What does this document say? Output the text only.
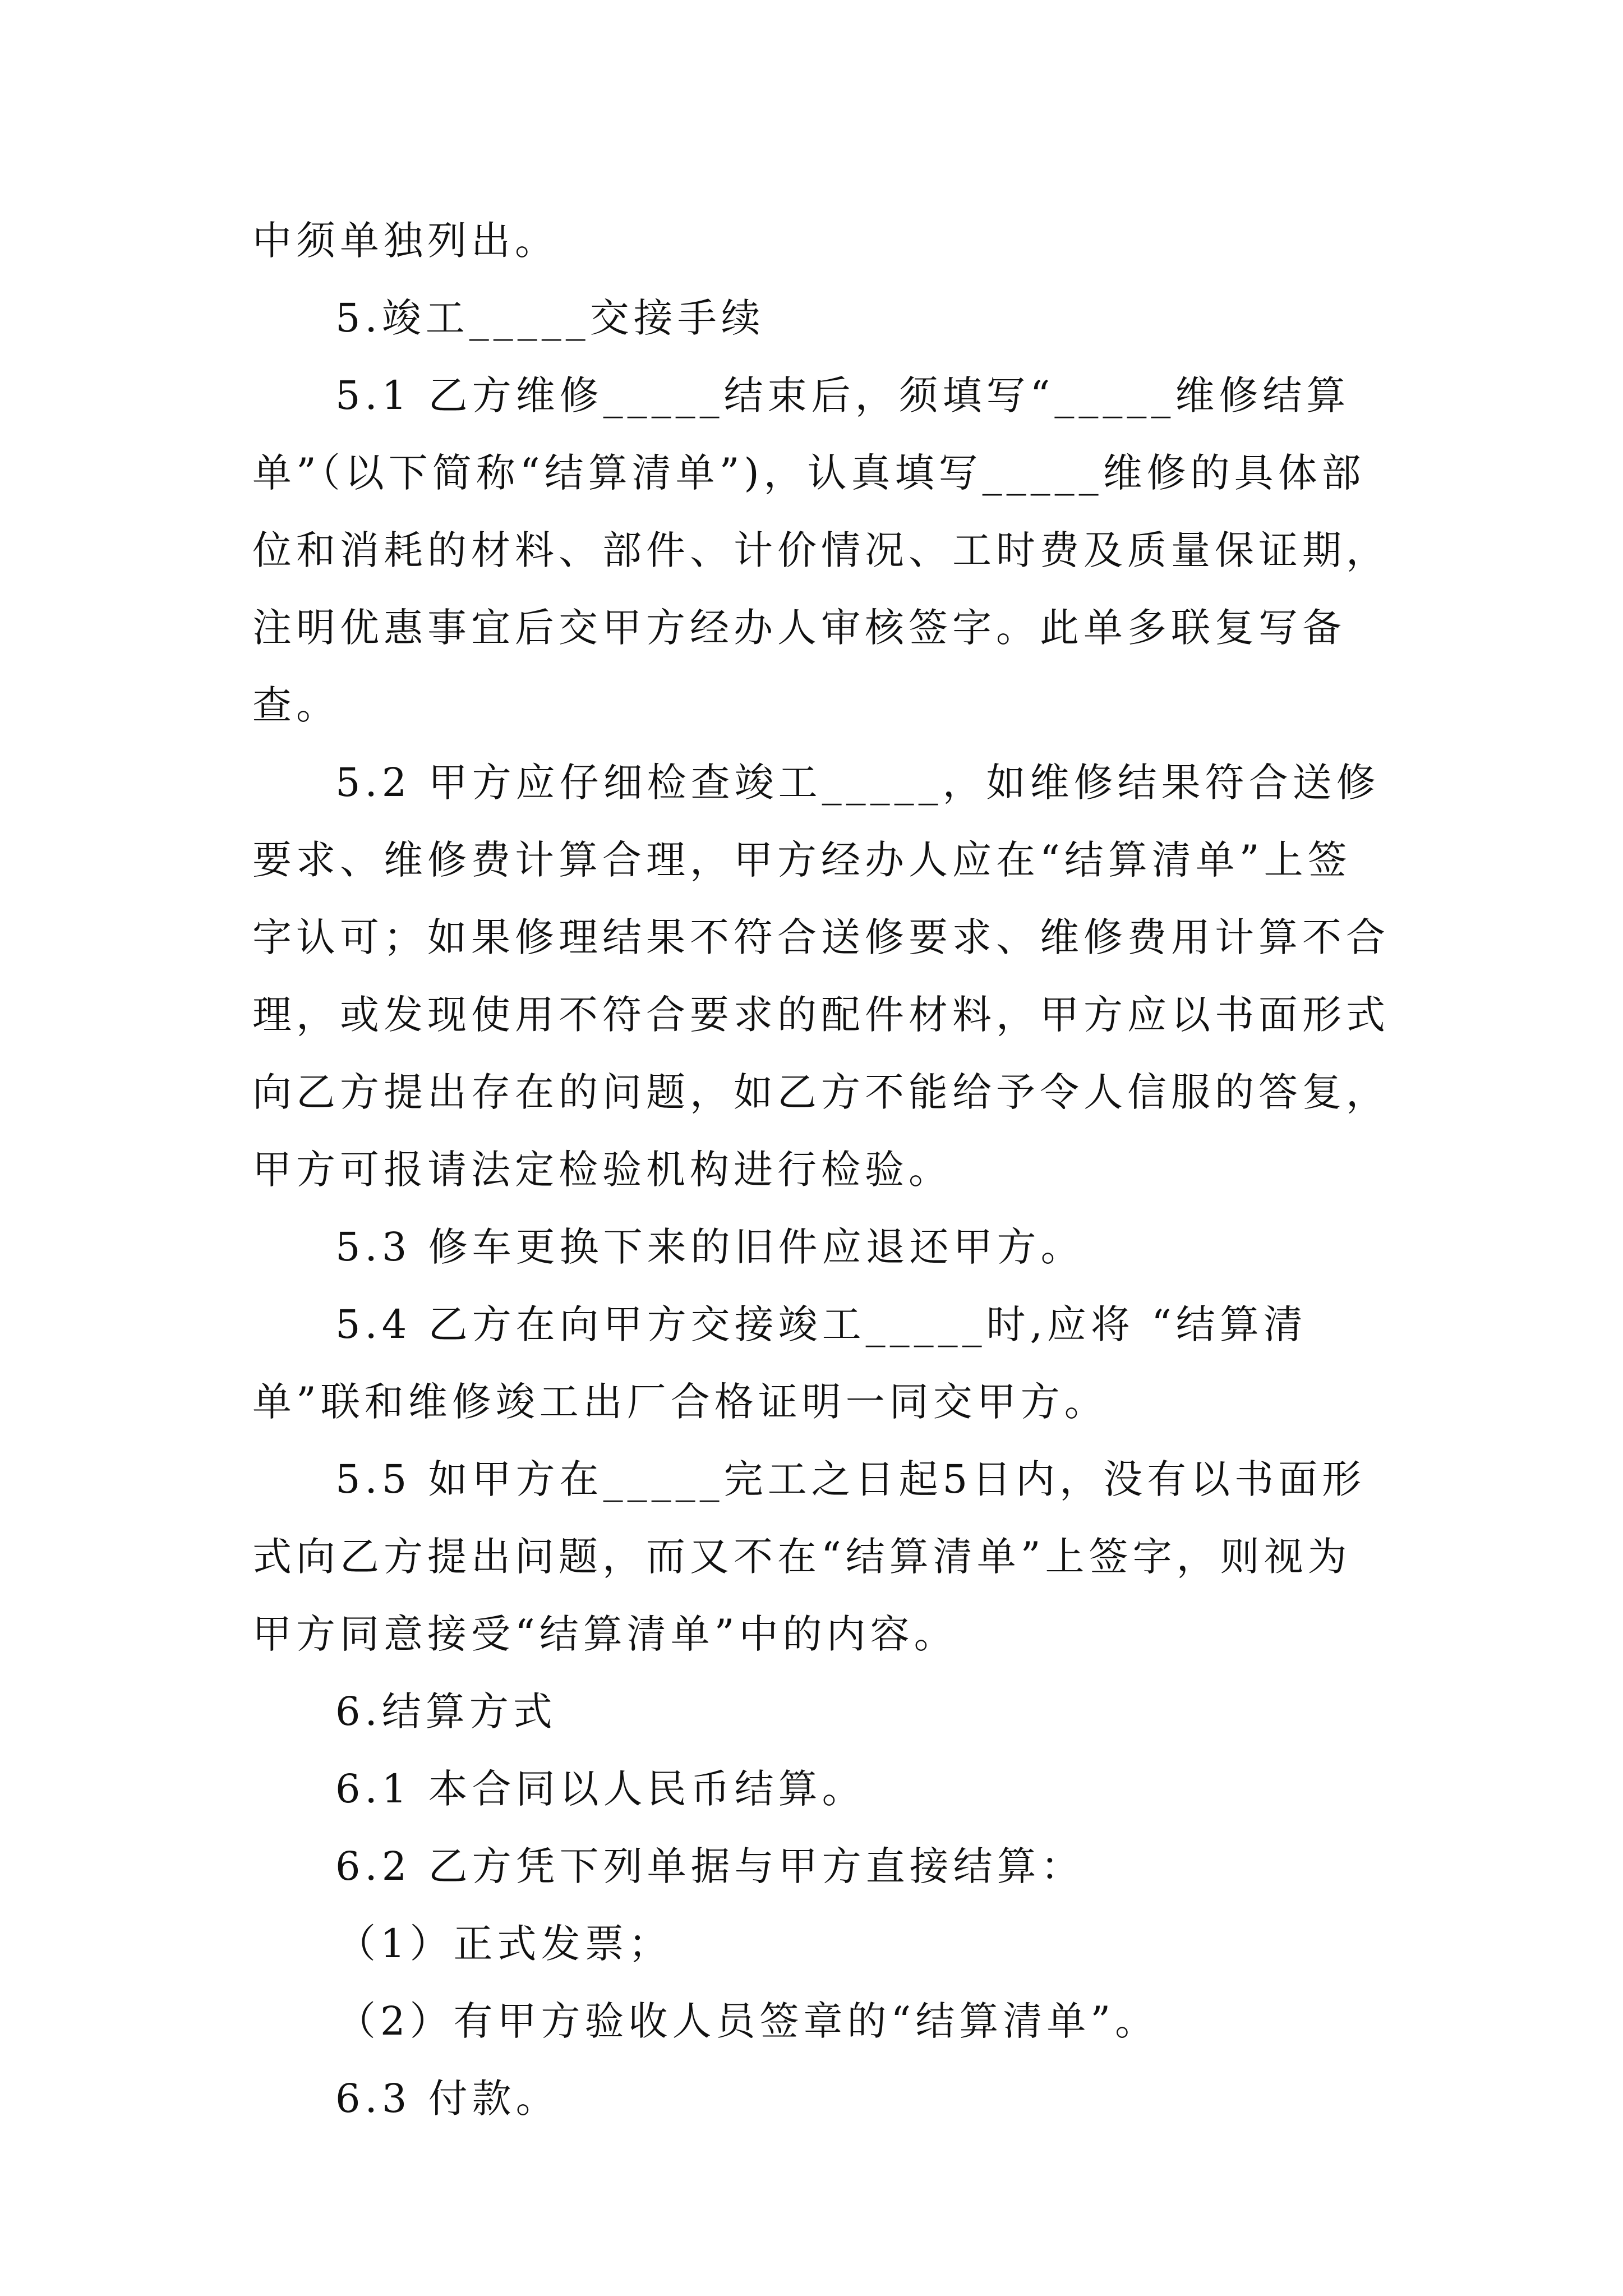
中须单独列出。

5.竣工_____交接手续

5.1 乙方维修_____结束后，须填写“_____维修结算单”（以下简称“结算清单”)，认真填写_____维修的具体部位和消耗的材料、部件、计价情况、工时费及质量保证期，注明优惠事宜后交甲方经办人审核签字。此单多联复写备查。

5.2 甲方应仔细检查竣工_____，如维修结果符合送修要求、维修费计算合理，甲方经办人应在“结算清单”上签字认可；如果修理结果不符合送修要求、维修费用计算不合理，或发现使用不符合要求的配件材料，甲方应以书面形式向乙方提出存在的问题，如乙方不能给予令人信服的答复，甲方可报请法定检验机构进行检验。

5.3 修车更换下来的旧件应退还甲方。

5.4 乙方在向甲方交接竣工_____时,应将 “结算清单”联和维修竣工出厂合格证明一同交甲方。

5.5 如甲方在_____完工之日起5日内，没有以书面形式向乙方提出问题，而又不在“结算清单”上签字，则视为甲方同意接受“结算清单”中的内容。

6.结算方式

6.1 本合同以人民币结算。

6.2 乙方凭下列单据与甲方直接结算：

（1）正式发票；

（2）有甲方验收人员签章的“结算清单”。

6.3 付款。
